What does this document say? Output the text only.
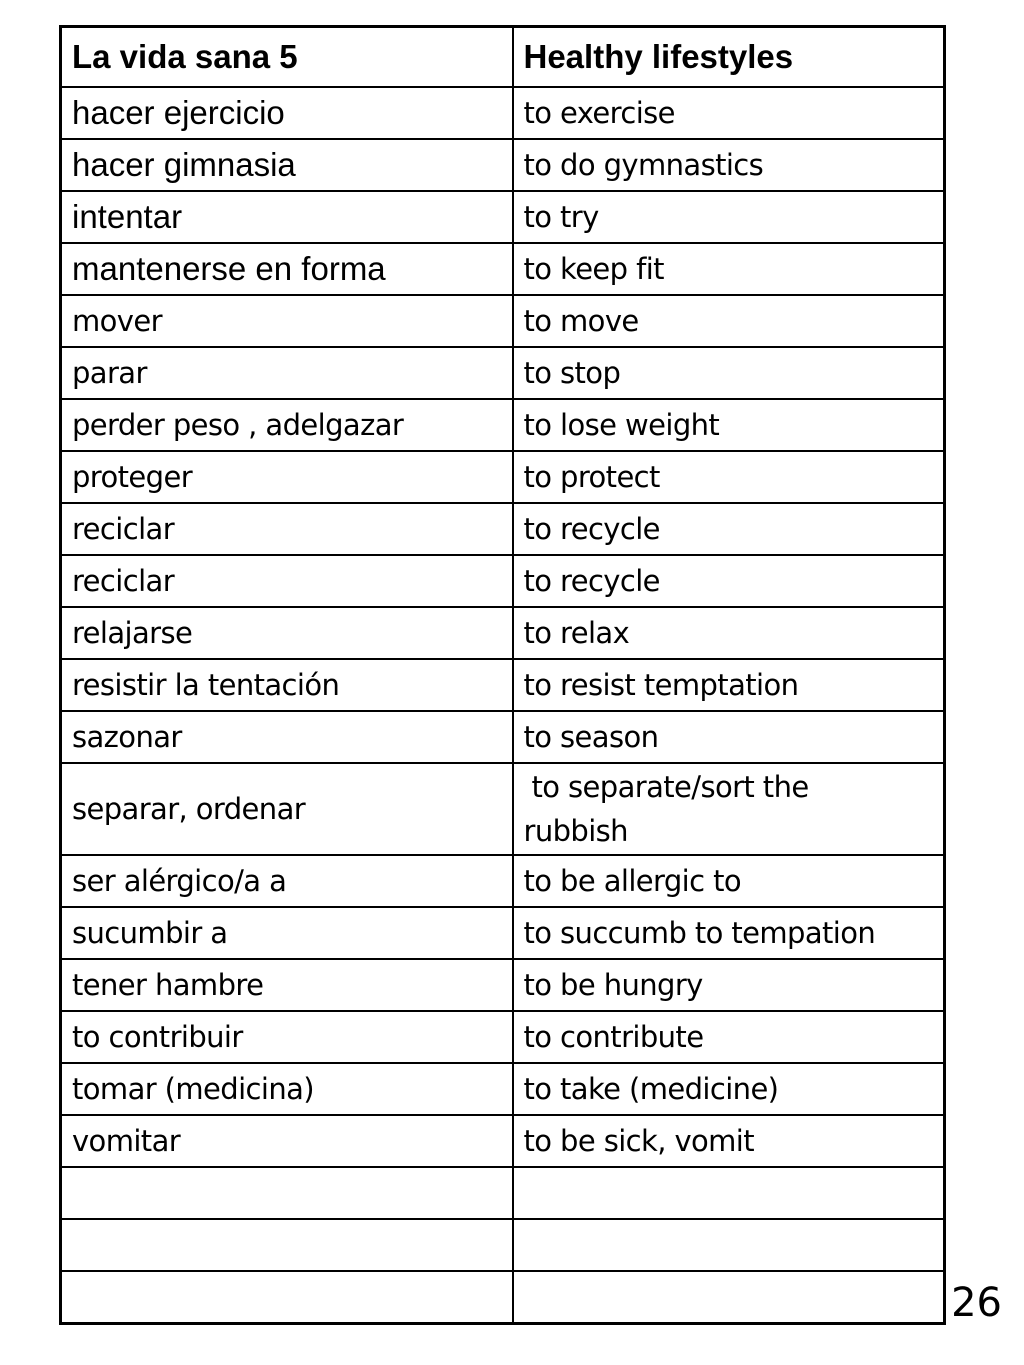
La vida sana 5	Healthy lifestyles
hacer ejercicio	to exercise
hacer gimnasia	to do gymnastics
intentar	to try
mantenerse en forma	to keep fit
mover	to move
parar	to stop
perder peso , adelgazar	to lose weight
proteger	to protect
reciclar	to recycle
reciclar	to recycle
relajarse	to relax
resistir la tentación	to resist temptation
sazonar	to season
separar, ordenar	to separate/sort the
rubbish

ser alérgico/a a	to be allergic to
sucumbir a	to succumb to tempation
tener hambre	to be hungry
to contribuir	to contribute
tomar (medicina)	to take (medicine)
vomitar	to be sick, vomit

26
